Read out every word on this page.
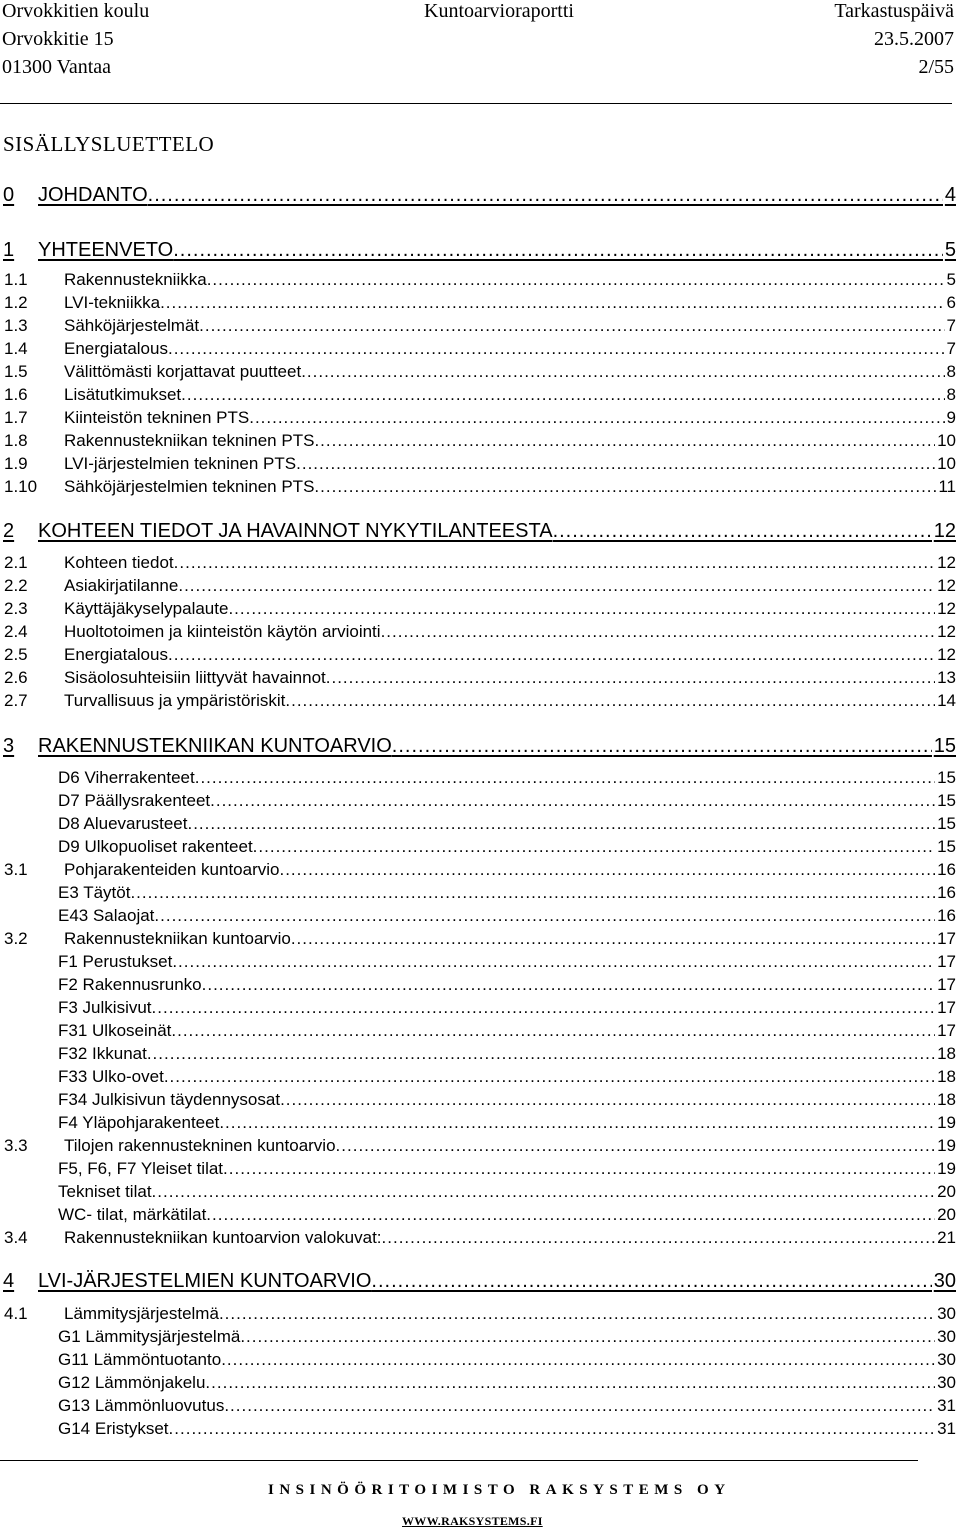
Orvokkitien koulu	Kuntoarvioraportti	Tarkastuspäivä
Orvokkitie 15	23.5.2007
01300 Vantaa	2/55
SISÄLLYSLUETTELO
0 JOHDANTO .....	4
1 YHTEENVETO .....	5
1.1 Rakennustekniikka .....	5
1.2 LVI-tekniikka .....	6
1.3 Sähköjärjestelmät .....	7
1.4 Energiatalous .....	7
1.5 Välittömästi korjattavat puutteet .....	8
1.6 Lisätutkimukset .....	8
1.7 Kiinteistön tekninen PTS .....	9
1.8 Rakennustekniikan tekninen PTS .....	10
1.9 LVI-järjestelmien tekninen PTS .....	10
1.10 Sähköjärjestelmien tekninen PTS .....	11
2 KOHTEEN TIEDOT JA HAVAINNOT NYKYTILANTEESTA .....	12
2.1 Kohteen tiedot .....	12
2.2 Asiakirjatilanne .....	12
2.3 Käyttäjäkyselypalaute .....	12
2.4 Huoltotoimen ja kiinteistön käytön arviointi .....	12
2.5 Energiatalous .....	12
2.6 Sisäolosuhteisiin liittyvät havainnot .....	13
2.7 Turvallisuus ja ympäristöriskit .....	14
3 RAKENNUSTEKNIIKAN KUNTOARVIO .....	15
D6 Viherrakenteet .....	15
D7 Päällysrakenteet .....	15
D8 Aluevarusteet .....	15
D9 Ulkopuoliset rakenteet .....	15
3.1 Pohjarakenteiden kuntoarvio .....	16
E3 Täytöt .....	16
E43 Salaojat .....	16
3.2 Rakennustekniikan kuntoarvio .....	17
F1 Perustukset .....	17
F2 Rakennusrunko .....	17
F3 Julkisivut .....	17
F31 Ulkoseinät .....	17
F32 Ikkunat .....	18
F33 Ulko-ovet .....	18
F34 Julkisivun täydennysosat .....	18
F4 Yläpohjarakenteet .....	19
3.3 Tilojen rakennustekninen kuntoarvio .....	19
F5, F6, F7 Yleiset tilat .....	19
Tekniset tilat .....	20
WC- tilat, märkätilat .....	20
3.4 Rakennustekniikan kuntoarvion valokuvat: .....	21
4 LVI-JÄRJESTELMIEN KUNTOARVIO .....	30
4.1 Lämmitysjärjestelmä .....	30
G1 Lämmitysjärjestelmä .....	30
G11 Lämmöntuotanto .....	30
G12 Lämmönjakelu .....	30
G13 Lämmönluovutus .....	31
G14 Eristykset .....	31
INSINÖÖRITOIMISTO RAKSYSTEMS OY
WWW.RAKSYSTEMS.FI
